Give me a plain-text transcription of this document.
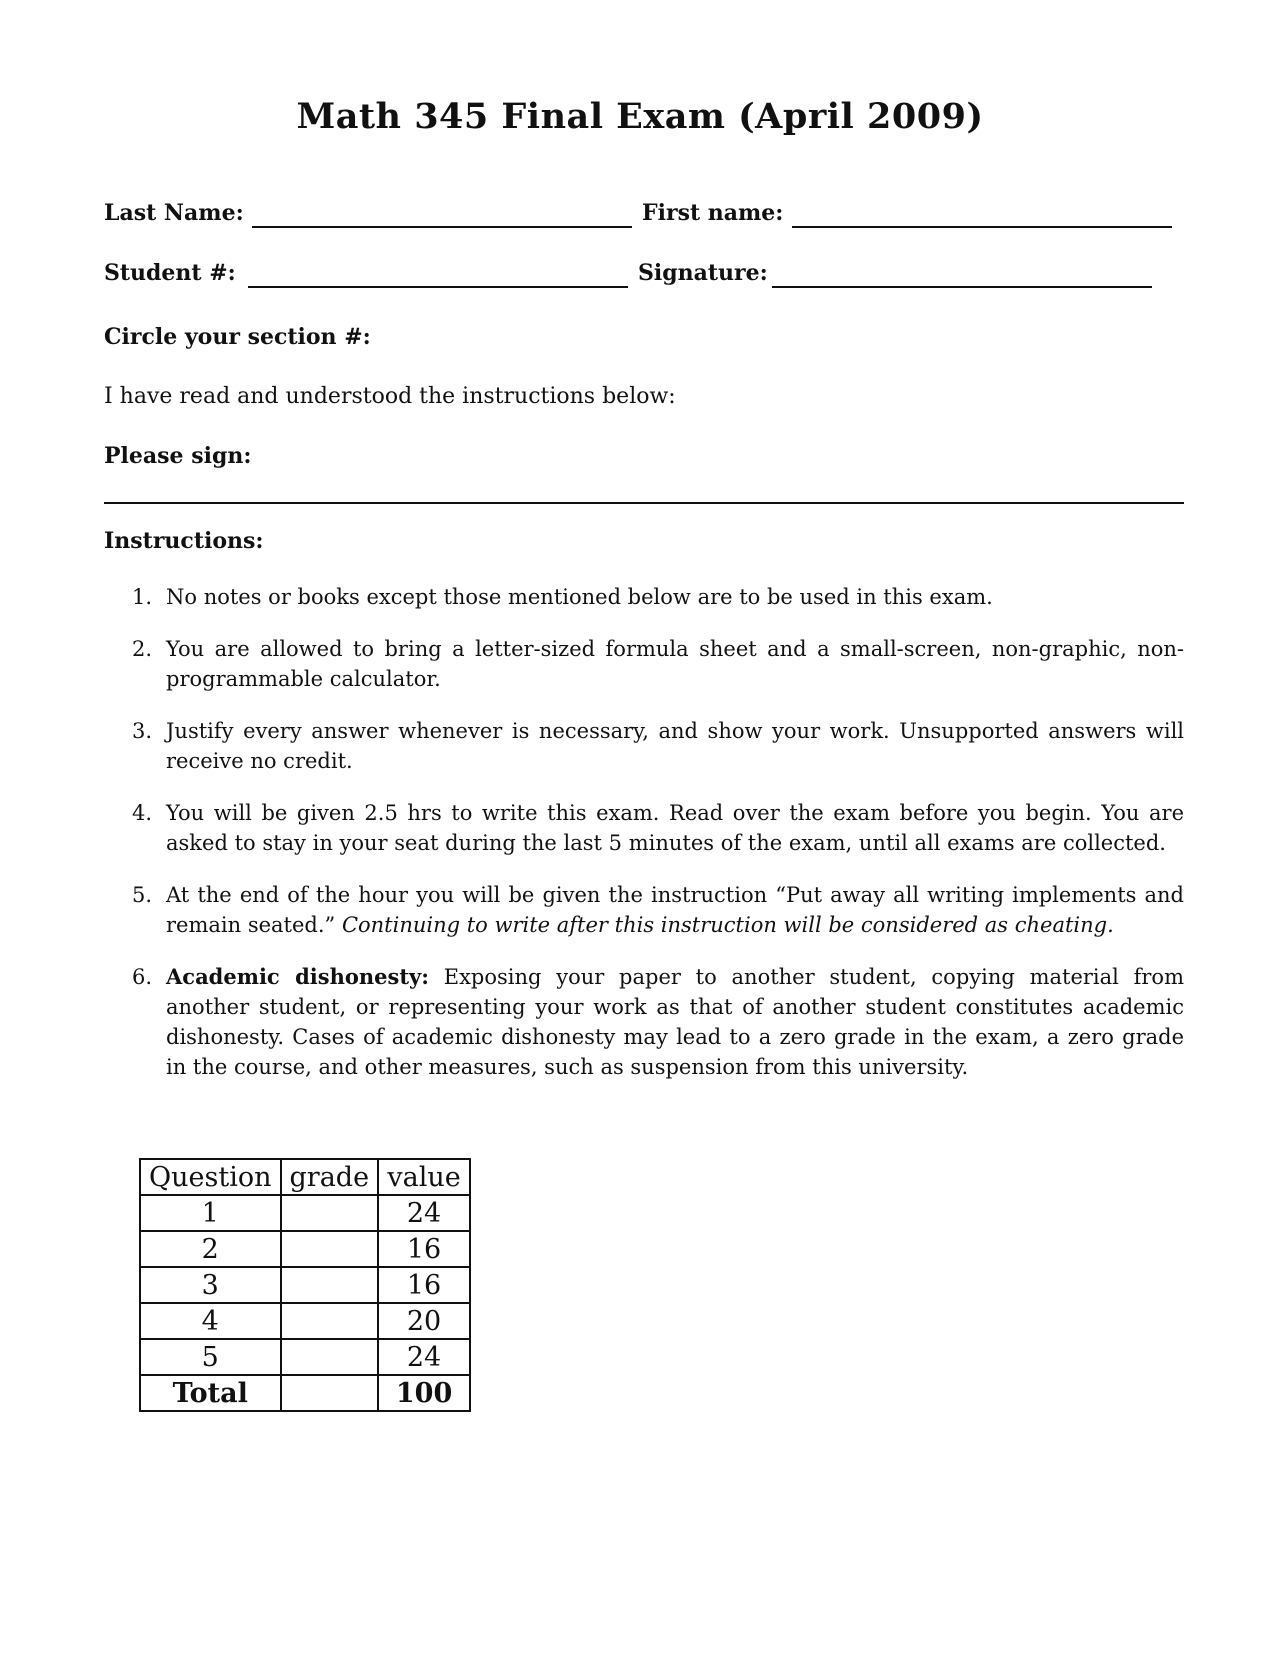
Math 345 Final Exam (April 2009)
Last Name:	First name:
Student #:	Signature:
Circle your section #:
I have read and understood the instructions below:
Please sign:
Instructions:
1. No notes or books except those mentioned below are to be used in this exam.
2. You are allowed to bring a letter-sized formula sheet and a small-screen, non-graphic, non-programmable calculator.
3. Justify every answer whenever is necessary, and show your work. Unsupported answers will receive no credit.
4. You will be given 2.5 hrs to write this exam. Read over the exam before you begin. You are asked to stay in your seat during the last 5 minutes of the exam, until all exams are collected.
5. At the end of the hour you will be given the instruction “Put away all writing implements and remain seated.” Continuing to write after this instruction will be considered as cheating.
6. Academic dishonesty: Exposing your paper to another student, copying material from another student, or representing your work as that of another student constitutes academic dishonesty. Cases of academic dishonesty may lead to a zero grade in the exam, a zero grade in the course, and other measures, such as suspension from this university.
Question	grade	value
1		24
2		16
3		16
4		20
5		24
Total		100
